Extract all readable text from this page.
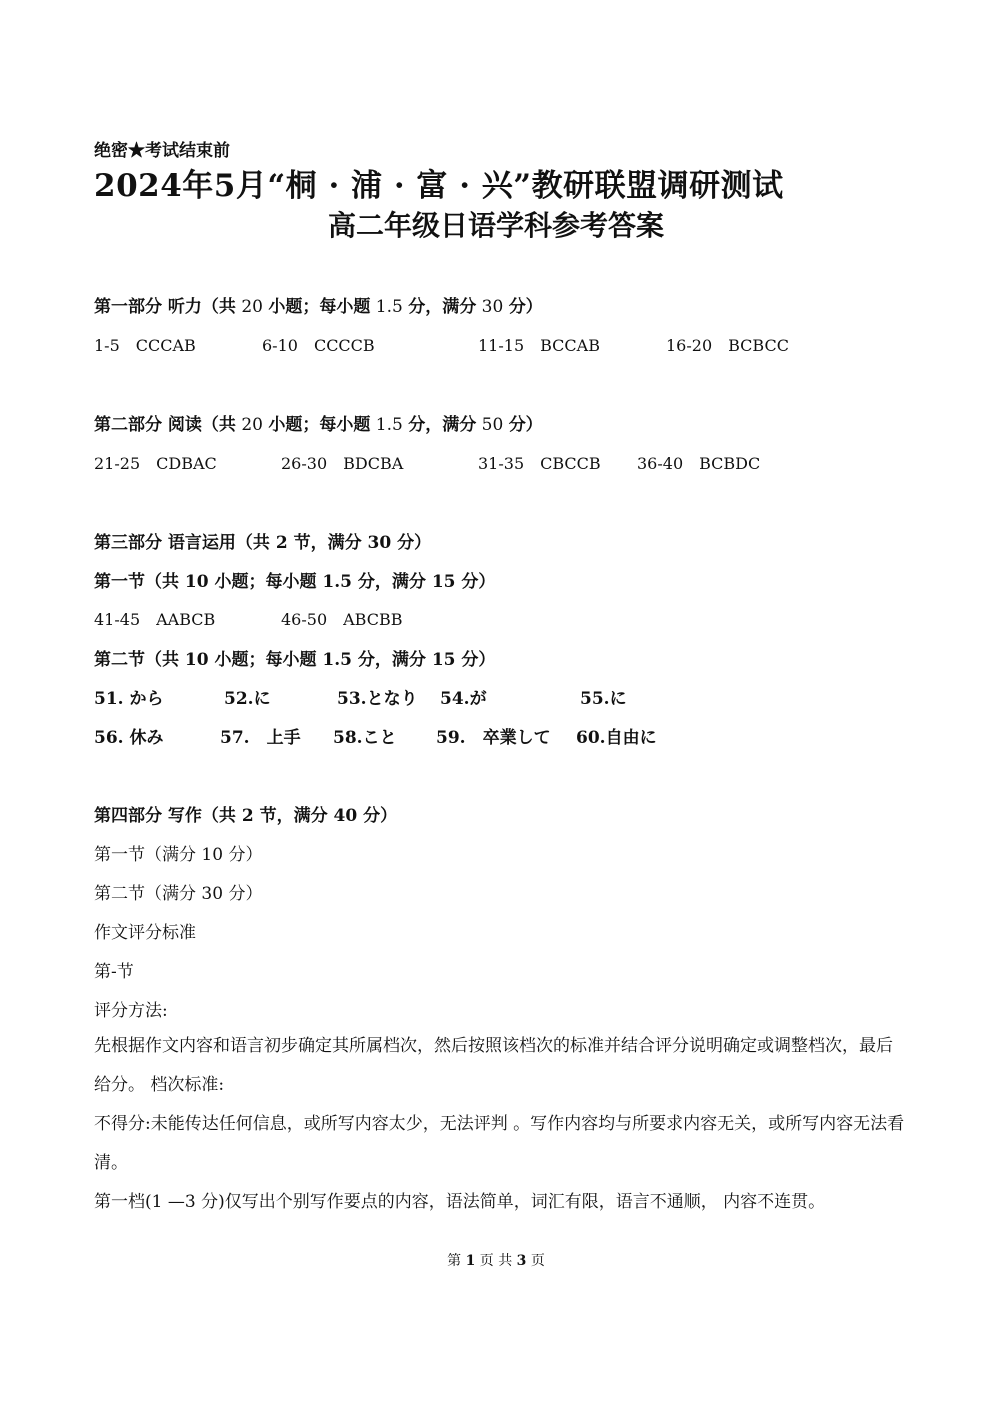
绝密★考试结束前
2024年5月“桐 · 浦 · 富 · 兴”教研联盟调研测试
高二年级日语学科参考答案
第一部分 听力（共 20 小题；每小题 1.5 分，满分 30 分）
1-5　CCCAB	6-10　CCCCB	11-15　BCCAB	16-20　BCBCC
第二部分 阅读（共 20 小题；每小题 1.5 分，满分 50 分）
21-25　CDBAC	26-30　BDCBA	31-35　CBCCB 36-40　BCBDC
第三部分 语言运用（共 2 节，满分 30 分）
第一节（共 10 小题；每小题 1.5 分，满分 15 分）
41-45　AABCB	46-50　ABCBB
第二节（共 10 小题；每小题 1.5 分，满分 15 分）
51. から	52.に	53.となり 54.が	55.に
56. 休み	57.　上手 58.こと 59.　卒業して 60.自由に
第四部分 写作（共 2 节，满分 40 分）
第一节（满分 10 分）
第二节（满分 30 分）
作文评分标准
第-节
评分方法:
先根据作文内容和语言初步确定其所属档次，然后按照该档次的标准并结合评分说明确定或调整档次，最后给分。 档次标准:
不得分:未能传达任何信息，或所写内容太少，无法评判 。写作内容均与所要求内容无关，或所写内容无法看清。
第一档(1 —3 分)仅写出个别写作要点的内容，语法简单，词汇有限，语言不通顺， 内容不连贯。
第 1 页 共 3 页
